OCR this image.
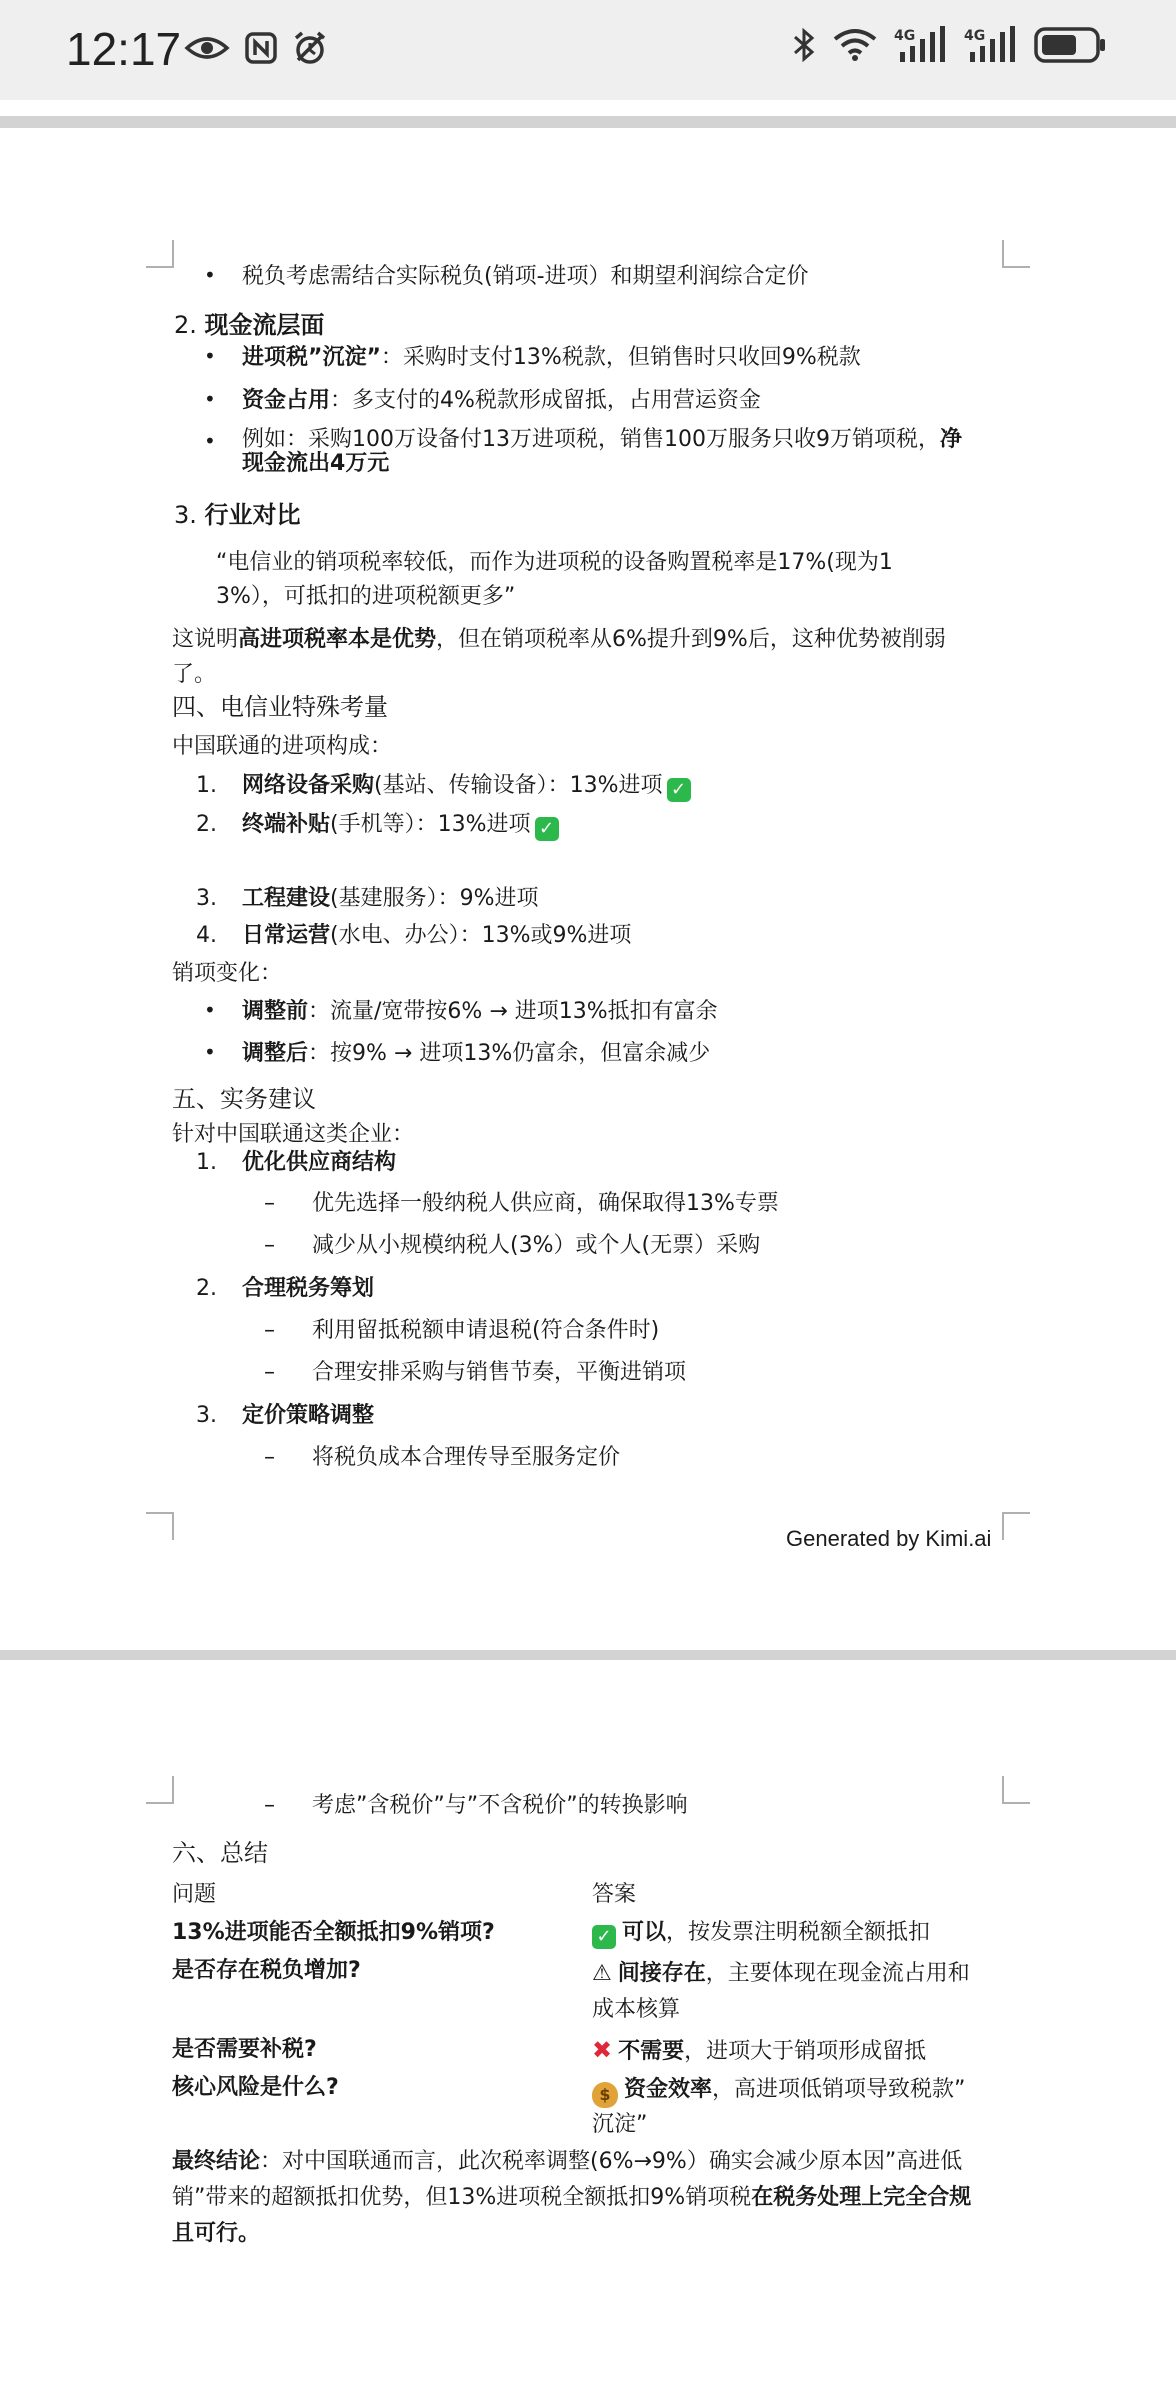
12:17	4G	4G
• 税负考虑需结合实际税负(销项-进项）和期望利润综合定价
2. 现金流层面
• 进项税”沉淀”：采购时支付13%税款，但销售时只收回9%税款
• 资金占用：多支付的4%税款形成留抵，占用营运资金
• 例如：采购100万设备付13万进项税，销售100万服务只收9万销项税，净
现金流出4万元
3. 行业对比
“电信业的销项税率较低，而作为进项税的设备购置税率是17%(现为1
3%），可抵扣的进项税额更多”
这说明高进项税率本是优势，但在销项税率从6%提升到9%后，这种优势被削弱
了。
四、电信业特殊考量
中国联通的进项构成：
1. 网络设备采购(基站、传输设备）：13%进项 ✓
2. 终端补贴(手机等）：13%进项 ✓
3. 工程建设(基建服务）：9%进项
4. 日常运营(水电、办公）：13%或9%进项
销项变化：
• 调整前：流量/宽带按6% → 进项13%抵扣有富余
• 调整后：按9% → 进项13%仍富余，但富余减少
五、实务建议
针对中国联通这类企业：
1. 优化供应商结构
– 优先选择一般纳税人供应商，确保取得13%专票
– 减少从小规模纳税人(3%）或个人(无票）采购
2. 合理税务筹划
– 利用留抵税额申请退税(符合条件时)
– 合理安排采购与销售节奏，平衡进销项
3. 定价策略调整
– 将税负成本合理传导至服务定价
Generated by Kimi.ai
– 考虑”含税价”与”不含税价”的转换影响
六、总结
问题	答案
13%进项能否全额抵扣9%销项?	✓ 可以，按发票注明税额全额抵扣
是否存在税负增加?	⚠ 间接存在，主要体现在现金流占用和
成本核算
是否需要补税?	✖ 不需要，进项大于销项形成留抵
核心风险是什么?	$ 资金效率，高进项低销项导致税款”
沉淀”
最终结论：对中国联通而言，此次税率调整(6%→9%）确实会减少原本因”高进低
销”带来的超额抵扣优势，但13%进项税全额抵扣9%销项税在税务处理上完全合规
且可行。
